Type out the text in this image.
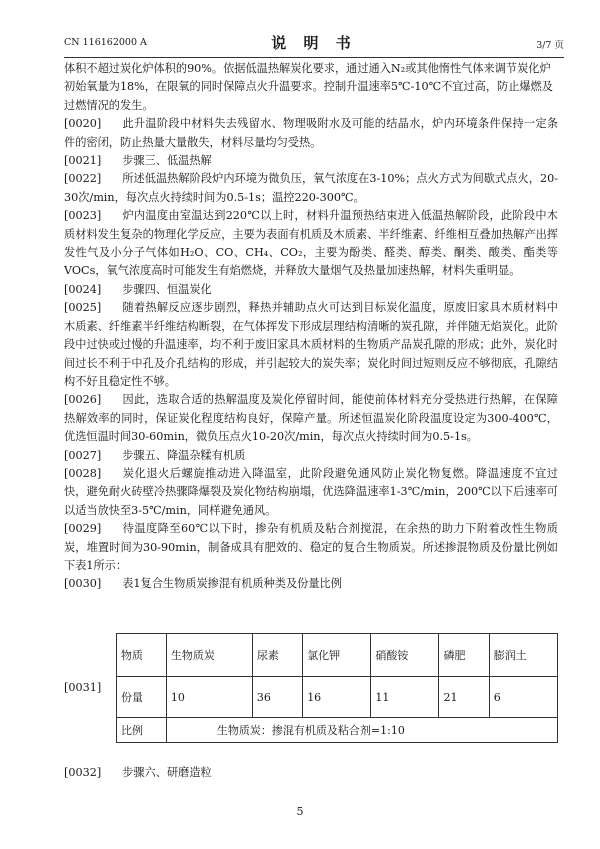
CN 116162000 A	说 明 书	3/7 页

体积不超过炭化炉体积的90%。依据低温热解炭化要求，通过通入N₂或其他惰性气体来调节炭化炉初始氧量为18%，在限氧的同时保障点火升温要求。控制升温速率5℃-10℃不宜过高，防止爆燃及过燃情况的发生。

[0020] 此升温阶段中材料失去残留水、物理吸附水及可能的结晶水，炉内环境条件保持一定条件的密闭，防止热量大量散失，材料尽量均匀受热。

[0021] 步骤三、低温热解

[0022] 所述低温热解阶段炉内环境为微负压，氧气浓度在3-10%；点火方式为间歇式点火，20-30次/min，每次点火持续时间为0.5-1s；温控220-300℃。

[0023] 炉内温度由室温达到220℃以上时，材料升温预热结束进入低温热解阶段，此阶段中木质材料发生复杂的物理化学反应，主要为表面有机质及木质素、半纤维素、纤维相互叠加热解产出挥发性气及小分子气体如H₂O、CO、CH₄、CO₂，主要为酚类、醛类、醇类、酮类、酸类、酯类等VOCs，氧气浓度高时可能发生有焰燃烧，并释放大量烟气及热量加速热解，材料失重明显。

[0024] 步骤四、恒温炭化

[0025] 随着热解反应逐步剧烈，释热并辅助点火可达到目标炭化温度，原废旧家具木质材料中木质素、纤维素半纤维结构断裂，在气体挥发下形成层理结构清晰的炭孔隙，并伴随无焰炭化。此阶段中过快或过慢的升温速率，均不利于废旧家具木质材料的生物质产品炭孔隙的形成；此外，炭化时间过长不利于中孔及介孔结构的形成，并引起较大的炭失率；炭化时间过短则反应不够彻底，孔隙结构不好且稳定性不够。

[0026] 因此，选取合适的热解温度及炭化停留时间，能使前体材料充分受热进行热解，在保障热解效率的同时，保证炭化程度结构良好，保障产量。所述恒温炭化阶段温度设定为300-400℃，优选恒温时间30-60min，微负压点火10-20次/min，每次点火持续时间为0.5-1s。

[0027] 步骤五、降温杂糅有机质

[0028] 炭化退火后螺旋推动进入降温室，此阶段避免通风防止炭化物复燃。降温速度不宜过快，避免耐火砖壁冷热骤降爆裂及炭化物结构崩塌，优选降温速率1-3℃/min，200℃以下后速率可以适当放快至3-5℃/min，同样避免通风。

[0029] 待温度降至60℃以下时，掺杂有机质及粘合剂搅混，在余热的助力下附着改性生物质炭，堆置时间为30-90min，制备成具有肥效的、稳定的复合生物质炭。所述掺混物质及份量比例如下表1所示：

[0030] 表1复合生物质炭掺混有机质种类及份量比例

[0031]
物质	生物质炭	尿素	氯化钾	硝酸铵	磷肥	膨润土
份量	10	36	16	11	21	6
比例	生物质炭：掺混有机质及粘合剂=1:10					

[0032] 步骤六、研磨造粒

5
